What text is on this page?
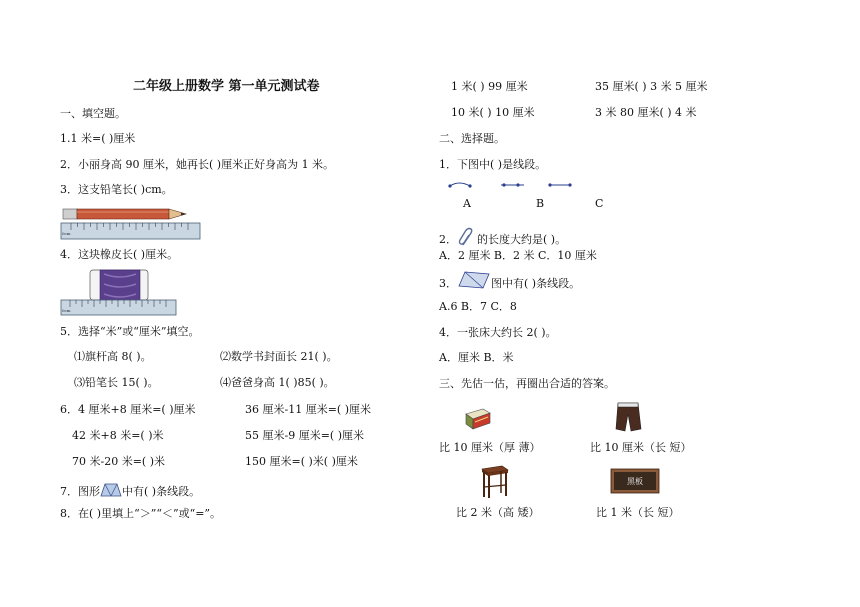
二年级上册数学 第一单元测试卷
一、填空题。
1.1 米=( )厘米
2．小丽身高 90 厘米，她再长( )厘米正好身高为 1 米。
3．这支铅笔长( )cm。
0cm
4．这块橡皮长( )厘米。
0cm
5．选择“米”或“厘米”填空。
⑴旗杆高 8( )。	⑵数学书封面长 21( )。
⑶铅笔长 15( )。	⑷爸爸身高 1( )85( )。
6．4 厘米+8 厘米=( )厘米	36 厘米-11 厘米=( )厘米
42 米+8 米=( )米	55 厘米-9 厘米=( )厘米
70 米-20 米=( )米	150 厘米=( )米( )厘米
7．图形 中有( )条线段。
8．在( )里填上“＞”“＜”或“=”。
1 米( ) 99 厘米	35 厘米( ) 3 米 5 厘米
10 米( ) 10 厘米	3 米 80 厘米( ) 4 米
二、选择题。
1．下图中( )是线段。
A	B	C
2． 的长度大约是( )。
A．2 厘米 B．2 米 C．10 厘米
3．	图中有( )条线段。
A.6 B．7 C．8
4．一张床大约长 2( )。
A．厘米 B．米
三、先估一估，再圈出合适的答案。
比 10 厘米（厚 薄）	比 10 厘米（长 短）
比 2 米（高 矮）
黑板
比 1 米（长 短）
